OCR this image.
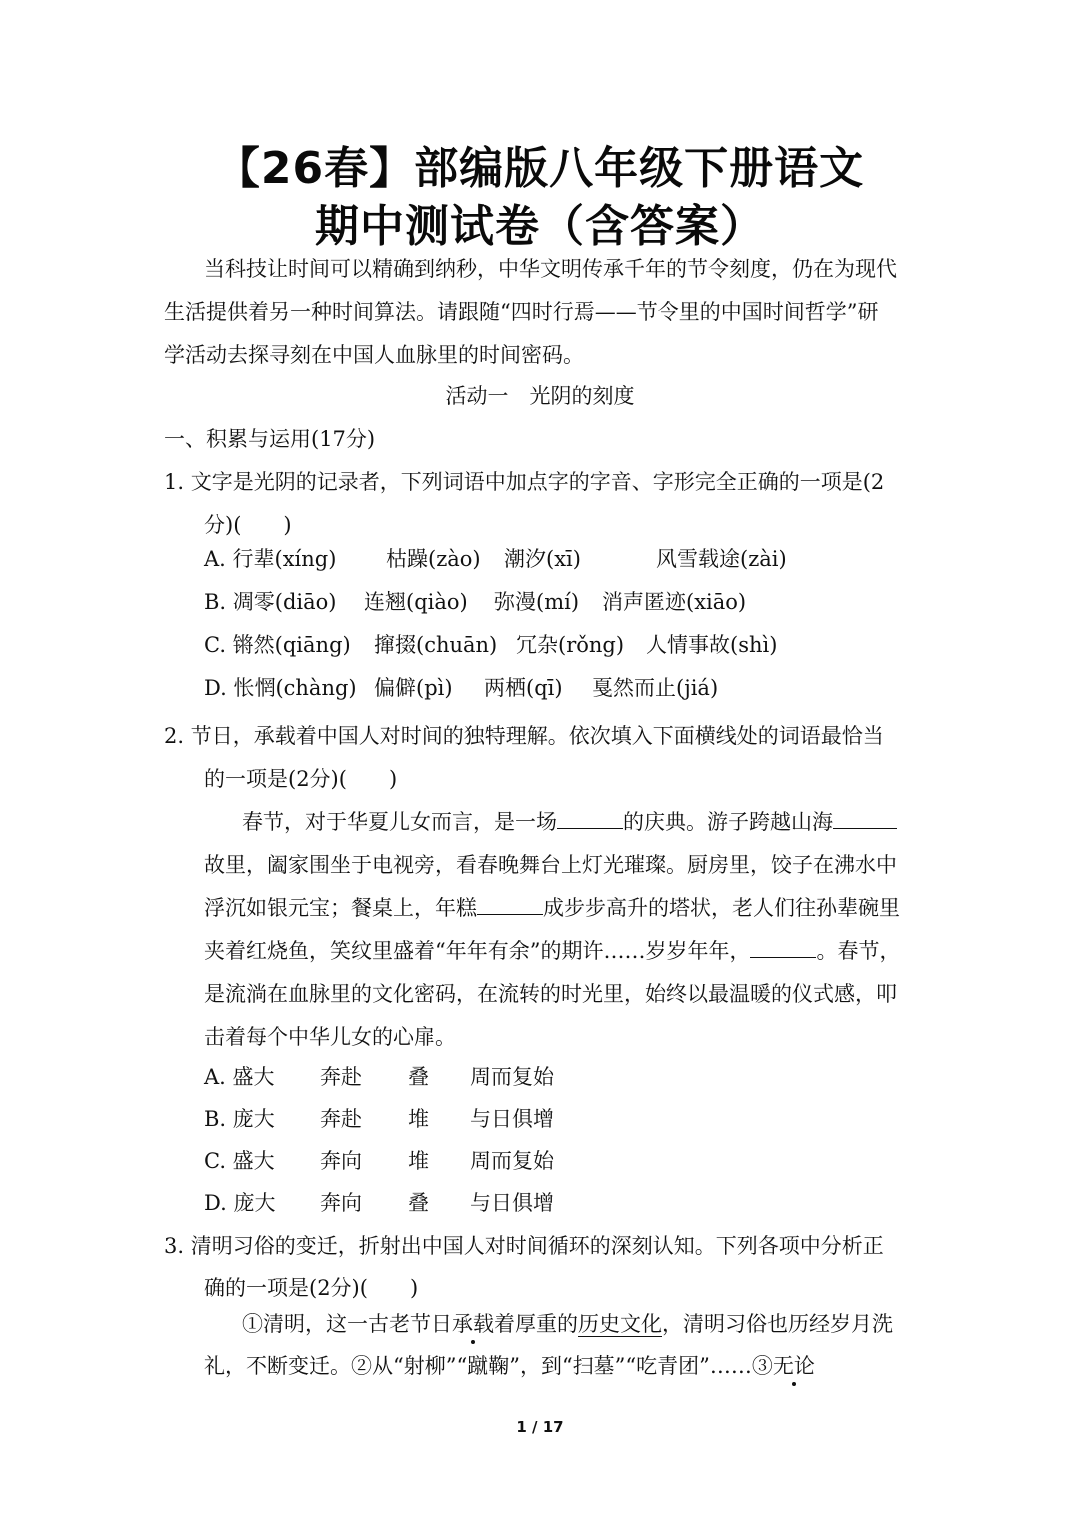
【26春】部编版八年级下册语文
期中测试卷（含答案）
当科技让时间可以精确到纳秒，中华文明传承千年的节令刻度，仍在为现代
生活提供着另一种时间算法。请跟随“四时行焉——节令里的中国时间哲学”研
学活动去探寻刻在中国人血脉里的时间密码。
活动一　光阴的刻度
一、积累与运用(17分)
1. 文字是光阴的记录者，下列词语中加点字的字音、字形完全正确的一项是(2
分)(　　)
A. 行辈(xíng) 枯躁(zào) 潮汐(xī)	风雪载途(zài)
B. 凋零(diāo) 连翘(qiào) 弥漫(mí) 消声匿迹(xiāo)
C. 锵然(qiāng) 撺掇(chuān) 冗杂(rǒng) 人情事故(shì)
D. 怅惘(chàng) 偏僻(pì) 两栖(qī) 戛然而止(jiá)
2. 节日，承载着中国人对时间的独特理解。依次填入下面横线处的词语最恰当
的一项是(2分)(　　)
春节，对于华夏儿女而言，是一场	的庆典。游子跨越山海
故里，阖家围坐于电视旁，看春晚舞台上灯光璀璨。厨房里，饺子在沸水中
浮沉如银元宝；餐桌上，年糕	成步步高升的塔状，老人们往孙辈碗里
夹着红烧鱼，笑纹里盛着“年年有余”的期许……岁岁年年，	。春节，
是流淌在血脉里的文化密码，在流转的时光里，始终以最温暖的仪式感，叩
击着每个中华儿女的心扉。
A. 盛大 奔赴 叠 周而复始
B. 庞大 奔赴 堆 与日俱增
C. 盛大 奔向 堆 周而复始
D. 庞大 奔向 叠 与日俱增
3. 清明习俗的变迁，折射出中国人对时间循环的深刻认知。下列各项中分析正
确的一项是(2分)(　　)
①清明，这一古老节日承载着厚重的历史文化，清明习俗也历经岁月洗
礼，不断变迁。②从“射柳”“蹴鞠”，到“扫墓”“吃青团”……③无论
1 / 17
